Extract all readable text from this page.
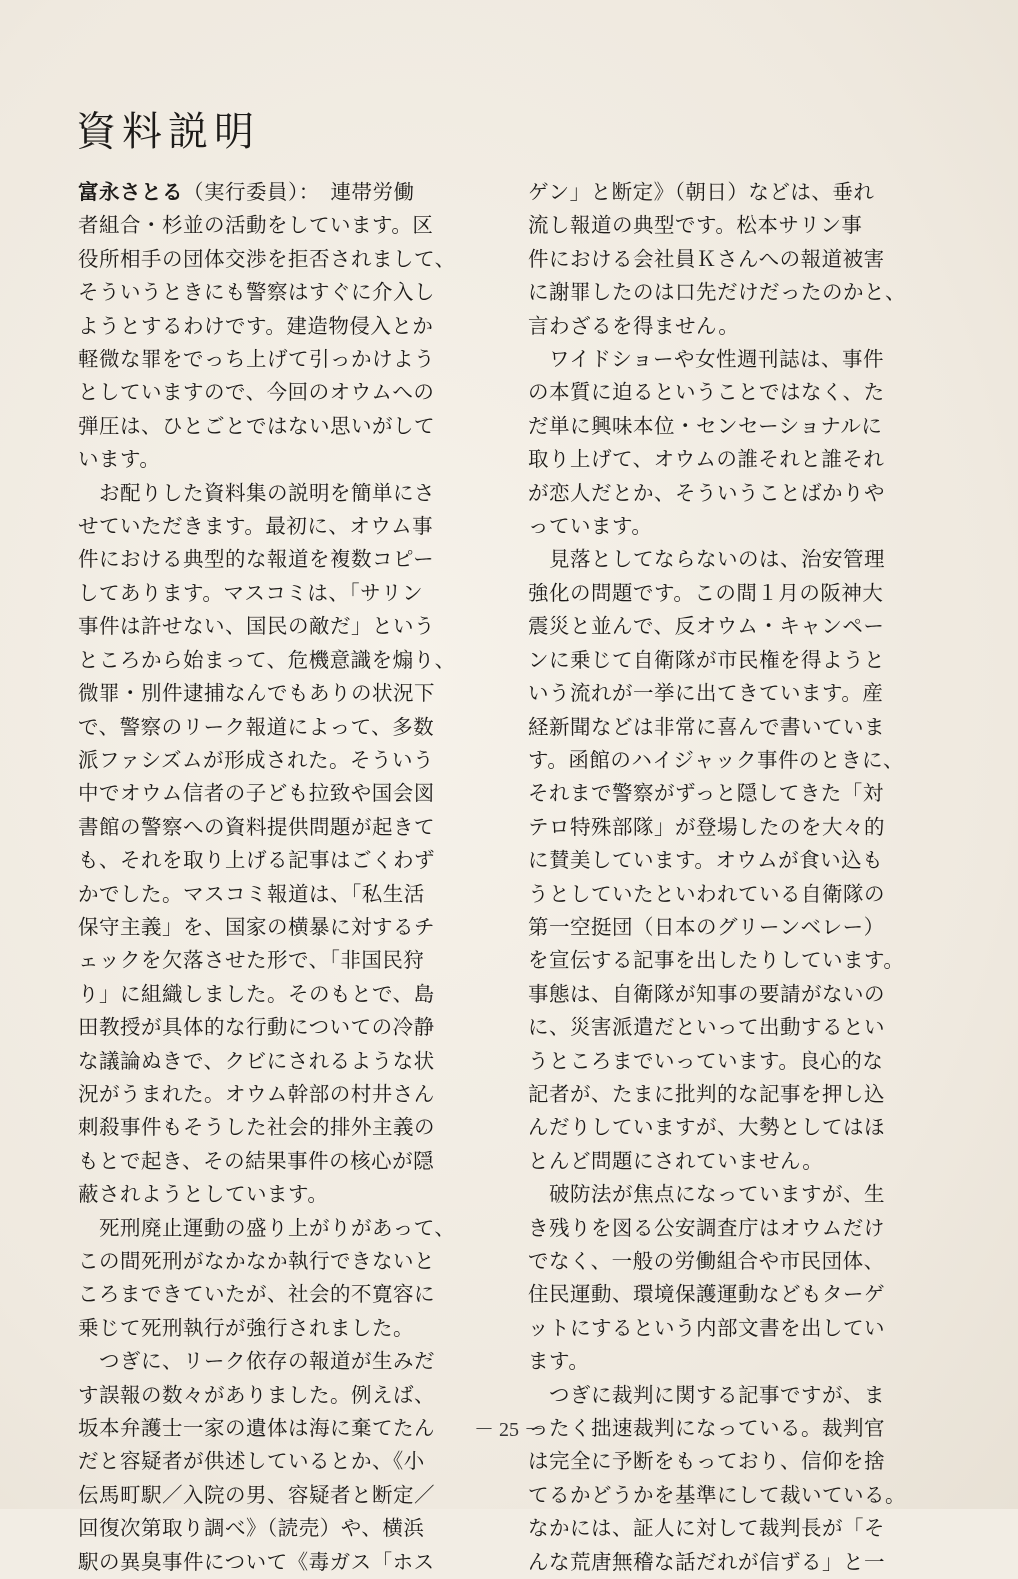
資料説明

富永さとる（実行委員）：　連帯労働

者組合・杉並の活動をしています。区

役所相手の団体交渉を拒否されまして、

そういうときにも警察はすぐに介入し

ようとするわけです。建造物侵入とか

軽微な罪をでっち上げて引っかけよう

としていますので、今回のオウムへの

弾圧は、ひとごとではない思いがして

います。

　お配りした資料集の説明を簡単にさ

せていただきます。最初に、オウム事

件における典型的な報道を複数コピー

してあります。マスコミは、「サリン

事件は許せない、国民の敵だ」という

ところから始まって、危機意識を煽り、

微罪・別件逮捕なんでもありの状況下

で、警察のリーク報道によって、多数

派ファシズムが形成された。そういう

中でオウム信者の子ども拉致や国会図

書館の警察への資料提供問題が起きて

も、それを取り上げる記事はごくわず

かでした。マスコミ報道は、「私生活

保守主義」を、国家の横暴に対するチ

ェックを欠落させた形で、「非国民狩

り」に組織しました。そのもとで、島

田教授が具体的な行動についての冷静

な議論ぬきで、クビにされるような状

況がうまれた。オウム幹部の村井さん

刺殺事件もそうした社会的排外主義の

もとで起き、その結果事件の核心が隠

蔽されようとしています。

　死刑廃止運動の盛り上がりがあって、

この間死刑がなかなか執行できないと

ころまできていたが、社会的不寛容に

乗じて死刑執行が強行されました。

　つぎに、リーク依存の報道が生みだ

す誤報の数々がありました。例えば、

坂本弁護士一家の遺体は海に棄てたん

だと容疑者が供述しているとか、《小

伝馬町駅／入院の男、容疑者と断定／

回復次第取り調べ》（読売）や、横浜

駅の異臭事件について《毒ガス「ホス

ゲン」と断定》（朝日）などは、垂れ

流し報道の典型です。松本サリン事

件における会社員Ｋさんへの報道被害

に謝罪したのは口先だけだったのかと、

言わざるを得ません。

　ワイドショーや女性週刊誌は、事件

の本質に迫るということではなく、た

だ単に興味本位・センセーショナルに

取り上げて、オウムの誰それと誰それ

が恋人だとか、そういうことばかりや

っています。

　見落としてならないのは、治安管理

強化の問題です。この間１月の阪神大

震災と並んで、反オウム・キャンペー

ンに乗じて自衛隊が市民権を得ようと

いう流れが一挙に出てきています。産

経新聞などは非常に喜んで書いていま

す。函館のハイジャック事件のときに、

それまで警察がずっと隠してきた「対

テロ特殊部隊」が登場したのを大々的

に賛美しています。オウムが食い込も

うとしていたといわれている自衛隊の

第一空挺団（日本のグリーンベレー）

を宣伝する記事を出したりしています。

事態は、自衛隊が知事の要請がないの

に、災害派遣だといって出動するとい

うところまでいっています。良心的な

記者が、たまに批判的な記事を押し込

んだりしていますが、大勢としてはほ

とんど問題にされていません。

　破防法が焦点になっていますが、生

き残りを図る公安調査庁はオウムだけ

でなく、一般の労働組合や市民団体、

住民運動、環境保護運動などもターゲ

ットにするという内部文書を出してい

ます。

　つぎに裁判に関する記事ですが、ま

ったく拙速裁判になっている。裁判官

は完全に予断をもっており、信仰を捨

てるかどうかを基準にして裁いている。

なかには、証人に対して裁判長が「そ

んな荒唐無稽な話だれが信ずる」と一

－ 25 －
